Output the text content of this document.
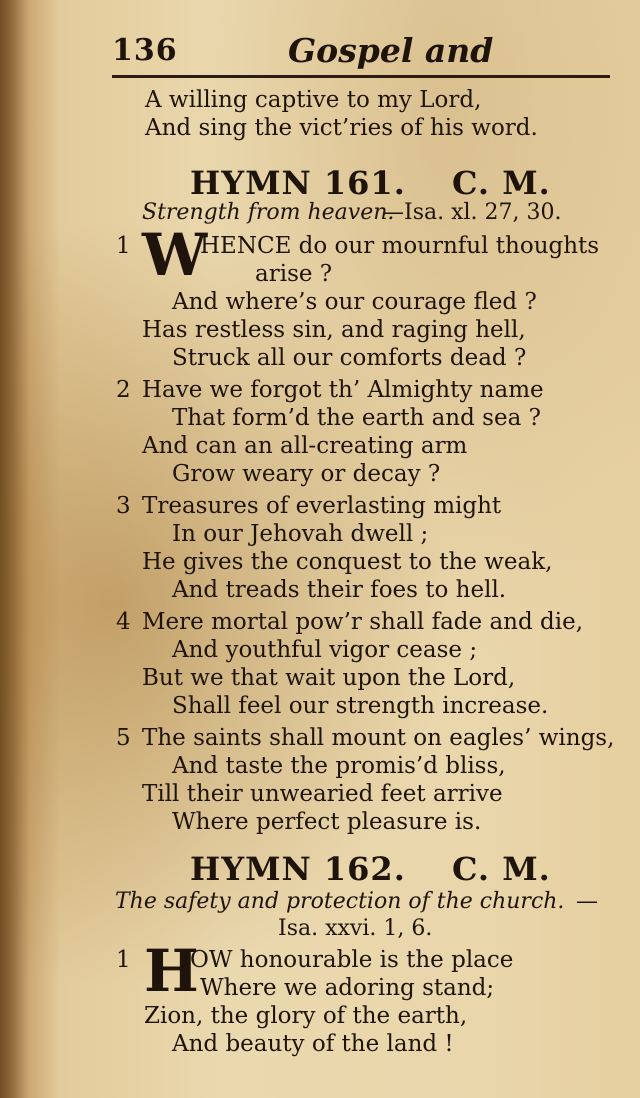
136	Gospel and
A willing captive to my Lord,
And sing the vict’ries of his word.
HYMN 161. C. M.
Strength from heaven.
—Isa. xl. 27, 30.
1 W
HENCE do our mournful thoughts
arise ?
And where’s our courage fled ?
Has restless sin, and raging hell,
Struck all our comforts dead ?
2 Have we forgot th’ Almighty name
That form’d the earth and sea ?
And can an all-creating arm
Grow weary or decay ?
3 Treasures of everlasting might
In our Jehovah dwell ;
He gives the conquest to the weak,
And treads their foes to hell.
4 Mere mortal pow’r shall fade and die,
And youthful vigor cease ;
But we that wait upon the Lord,
Shall feel our strength increase.
5 The saints shall mount on eagles’ wings,
And taste the promis’d bliss,
Till their unwearied feet arrive
Where perfect pleasure is.
HYMN 162. C. M.
The safety and protection of the church. —
Isa. xxvi. 1, 6.
1 H
OW honourable is the place
Where we adoring stand;
Zion, the glory of the earth,
And beauty of the land !
